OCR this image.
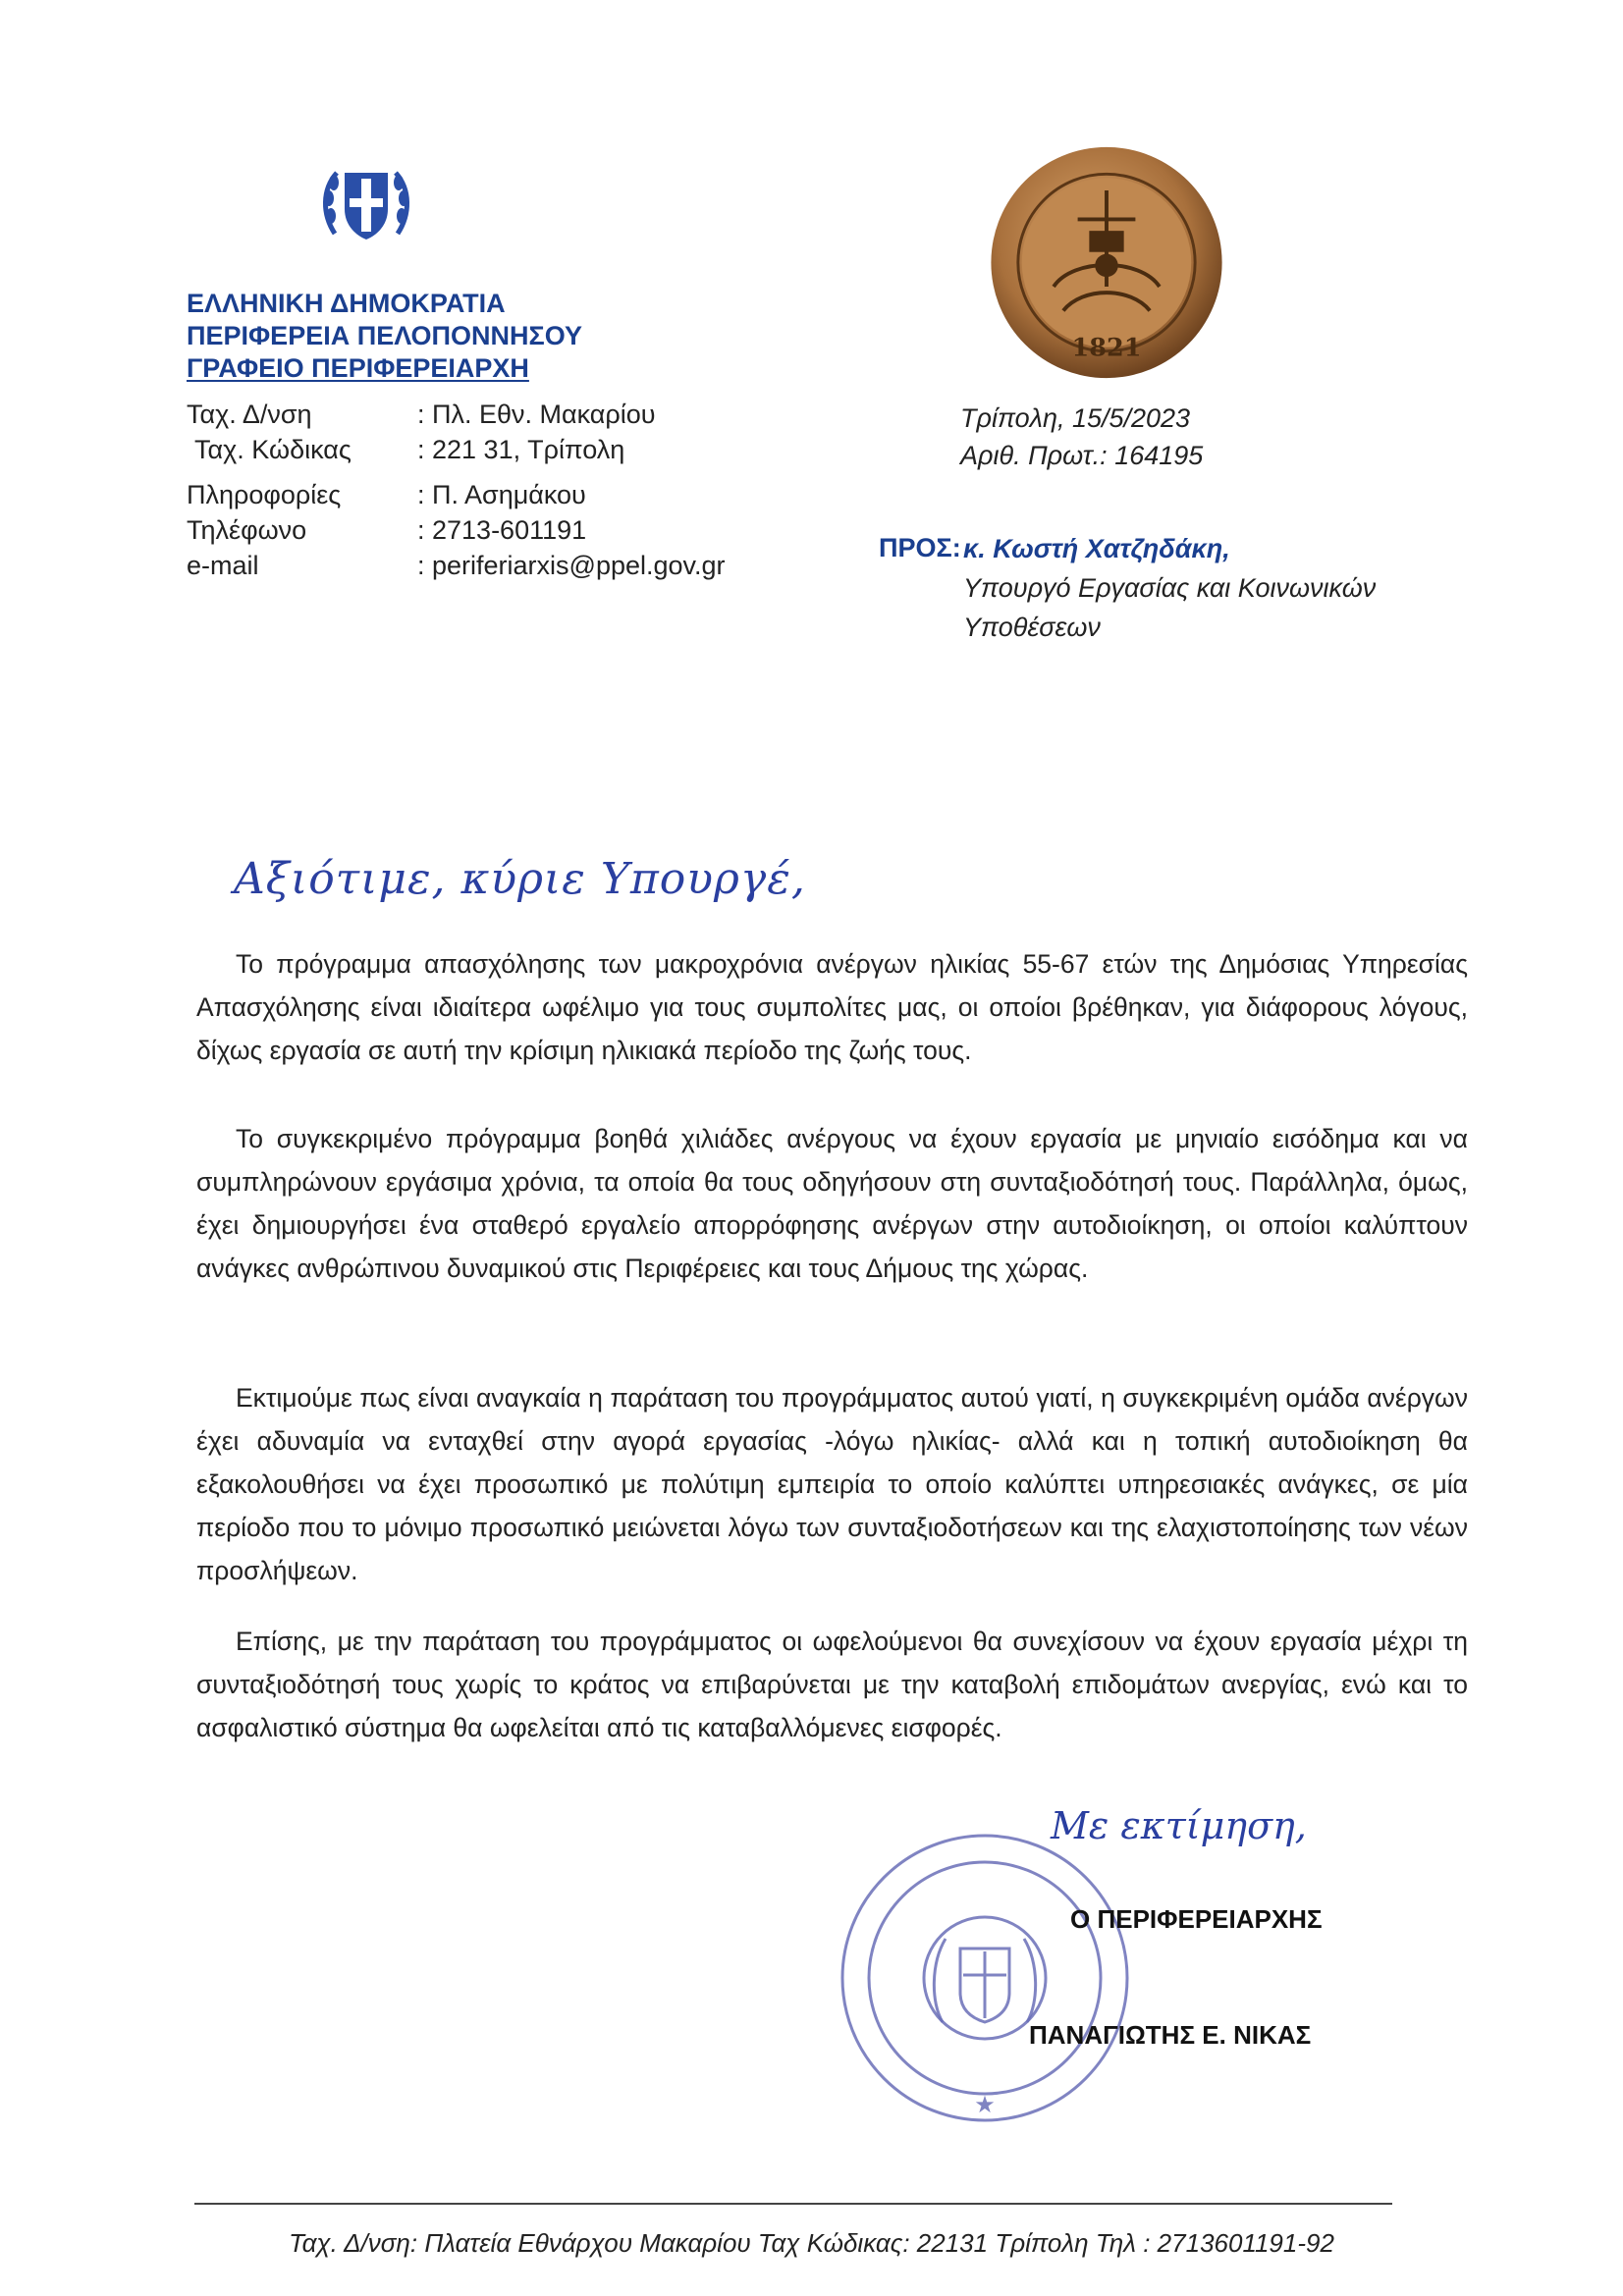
ΕΛΛΗΝΙΚΗ ΔΗΜΟΚΡΑΤΙΑ
ΠΕΡΙΦΕΡΕΙΑ ΠΕΛΟΠΟΝΝΗΣΟΥ
ΓΡΑΦΕΙΟ ΠΕΡΙΦΕΡΕΙΑΡΧΗ
Ταχ. Δ/νση	: Πλ. Εθν. Μακαρίου
Ταχ. Κώδικας : 221 31, Τρίπολη
Πληροφορίες	: Π. Ασημάκου
Τηλέφωνο	: 2713-601191
e-mail	: periferiarxis@ppel.gov.gr
1821
Τρίπολη, 15/5/2023
Αριθ. Πρωτ.: 164195
ΠΡΟΣ: κ. Κωστή Χατζηδάκη,
Υπουργό Εργασίας και Κοινωνικών
Υποθέσεων
Αξιότιμε, κύριε Υπουργέ,
Το πρόγραμμα απασχόλησης των μακροχρόνια ανέργων ηλικίας 55-67 ετών της Δημόσιας Υπηρεσίας Απασχόλησης είναι ιδιαίτερα ωφέλιμο για τους συμπολίτες μας, οι οποίοι βρέθηκαν, για διάφορους λόγους, δίχως εργασία σε αυτή την κρίσιμη ηλικιακά περίοδο της ζωής τους.
Το συγκεκριμένο πρόγραμμα βοηθά χιλιάδες ανέργους να έχουν εργασία με μηνιαίο εισόδημα και να συμπληρώνουν εργάσιμα χρόνια, τα οποία θα τους οδηγήσουν στη συνταξιοδότησή τους. Παράλληλα, όμως, έχει δημιουργήσει ένα σταθερό εργαλείο απορρόφησης ανέργων στην αυτοδιοίκηση, οι οποίοι καλύπτουν ανάγκες ανθρώπινου δυναμικού στις Περιφέρειες και τους Δήμους της χώρας.
Εκτιμούμε πως είναι αναγκαία η παράταση του προγράμματος αυτού γιατί, η συγκεκριμένη ομάδα ανέργων έχει αδυναμία να ενταχθεί στην αγορά εργασίας -λόγω ηλικίας- αλλά και η τοπική αυτοδιοίκηση θα εξακολουθήσει να έχει προσωπικό με πολύτιμη εμπειρία το οποίο καλύπτει υπηρεσιακές ανάγκες, σε μία περίοδο που το μόνιμο προσωπικό μειώνεται λόγω των συνταξιοδοτήσεων και της ελαχιστοποίησης των νέων προσλήψεων.
Επίσης, με την παράταση του προγράμματος οι ωφελούμενοι θα συνεχίσουν να έχουν εργασία μέχρι τη συνταξιοδότησή τους χωρίς το κράτος να επιβαρύνεται με την καταβολή επιδομάτων ανεργίας, ενώ και το ασφαλιστικό σύστημα θα ωφελείται από τις καταβαλλόμενες εισφορές.
★
Με εκτίμηση,
Ο ΠΕΡΙΦΕΡΕΙΑΡΧΗΣ
ΠΑΝΑΓΙΩΤΗΣ Ε. ΝΙΚΑΣ
Ταχ. Δ/νση: Πλατεία Εθνάρχου Μακαρίου Ταχ Κώδικας: 22131 Τρίπολη Τηλ : 2713601191-92
